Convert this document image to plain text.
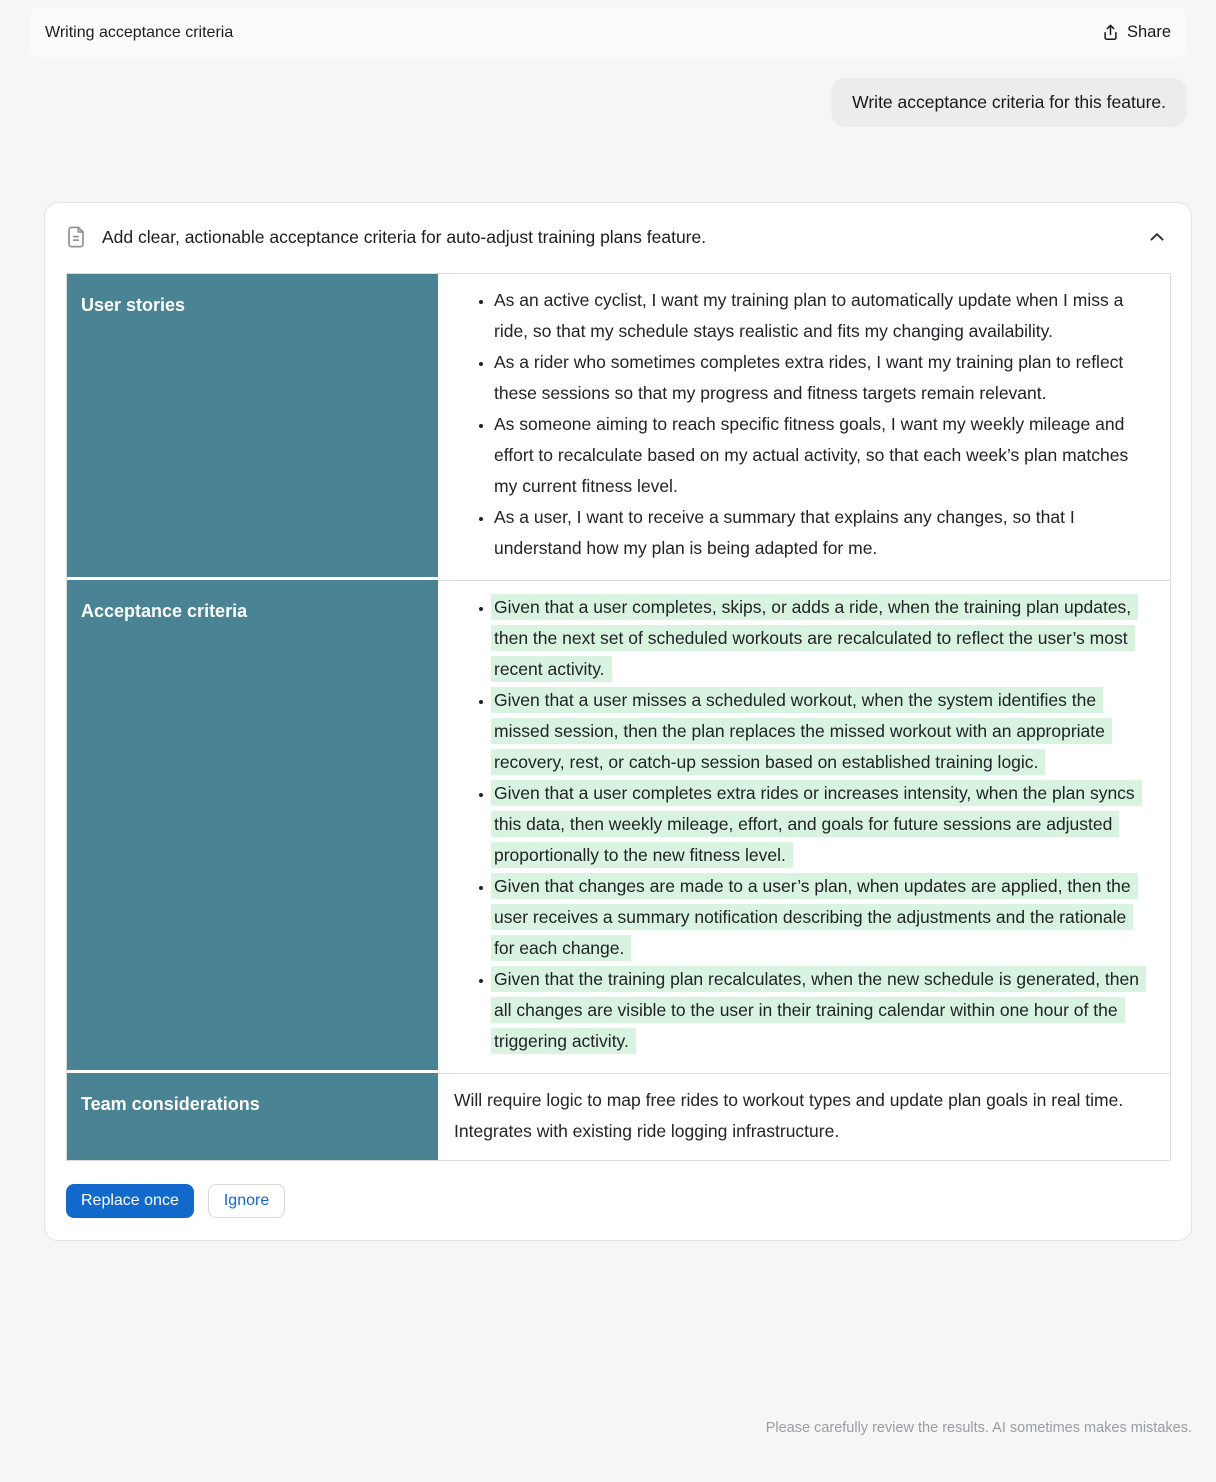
Writing acceptance criteria	Share
Write acceptance criteria for this feature.
Add clear, actionable acceptance criteria for auto-adjust training plans feature.
User stories	• As an active cyclist, I want my training plan to automatically update when I miss a ride, so that my schedule stays realistic and fits my changing availability.
• As a rider who sometimes completes extra rides, I want my training plan to reflect these sessions so that my progress and fitness targets remain relevant.
• As someone aiming to reach specific fitness goals, I want my weekly mileage and effort to recalculate based on my actual activity, so that each week’s plan matches my current fitness level.
• As a user, I want to receive a summary that explains any changes, so that I understand how my plan is being adapted for me.
Acceptance criteria	• Given that a user completes, skips, or adds a ride, when the training plan updates, then the next set of scheduled workouts are recalculated to reflect the user’s most recent activity.
• Given that a user misses a scheduled workout, when the system identifies the missed session, then the plan replaces the missed workout with an appropriate recovery, rest, or catch-up session based on established training logic.
• Given that a user completes extra rides or increases intensity, when the plan syncs this data, then weekly mileage, effort, and goals for future sessions are adjusted proportionally to the new fitness level.
• Given that changes are made to a user’s plan, when updates are applied, then the user receives a summary notification describing the adjustments and the rationale for each change.
• Given that the training plan recalculates, when the new schedule is generated, then all changes are visible to the user in their training calendar within one hour of the triggering activity.
Team considerations	Will require logic to map free rides to workout types and update plan goals in real time. Integrates with existing ride logging infrastructure.

Replace once	Ignore
Please carefully review the results. AI sometimes makes mistakes.
